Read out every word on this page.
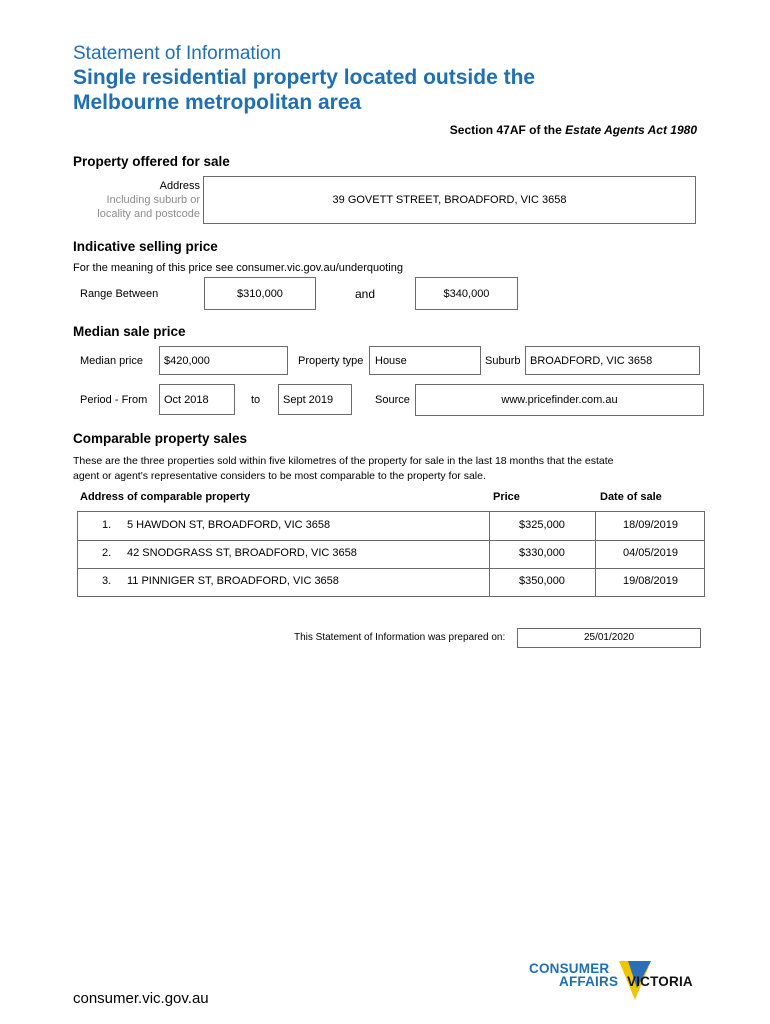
Statement of Information
Single residential property located outside the
Melbourne metropolitan area
Section 47AF of the Estate Agents Act 1980
Property offered for sale
Address
Including suburb or
locality and postcode
39 GOVETT STREET, BROADFORD, VIC 3658
Indicative selling price
For the meaning of this price see consumer.vic.gov.au/underquoting
Range Between	$310,000	and	$340,000
Median sale price
Median price $420,000	Property type House	Suburb BROADFORD, VIC 3658
Period - From Oct 2018	to Sept 2019	Source	www.pricefinder.com.au
Comparable property sales
These are the three properties sold within five kilometres of the property for sale in the last 18 months that the estate
agent or agent's representative considers to be most comparable to the property for sale.
Address of comparable property	Price	Date of sale
1. 5 HAWDON ST, BROADFORD, VIC 3658	$325,000	18/09/2019
2. 42 SNODGRASS ST, BROADFORD, VIC 3658	$330,000	04/05/2019
3. 11 PINNIGER ST, BROADFORD, VIC 3658	$350,000	19/08/2019
This Statement of Information was prepared on:	25/01/2020
CONSUMER
AFFAIRS VICTORIA
consumer.vic.gov.au
